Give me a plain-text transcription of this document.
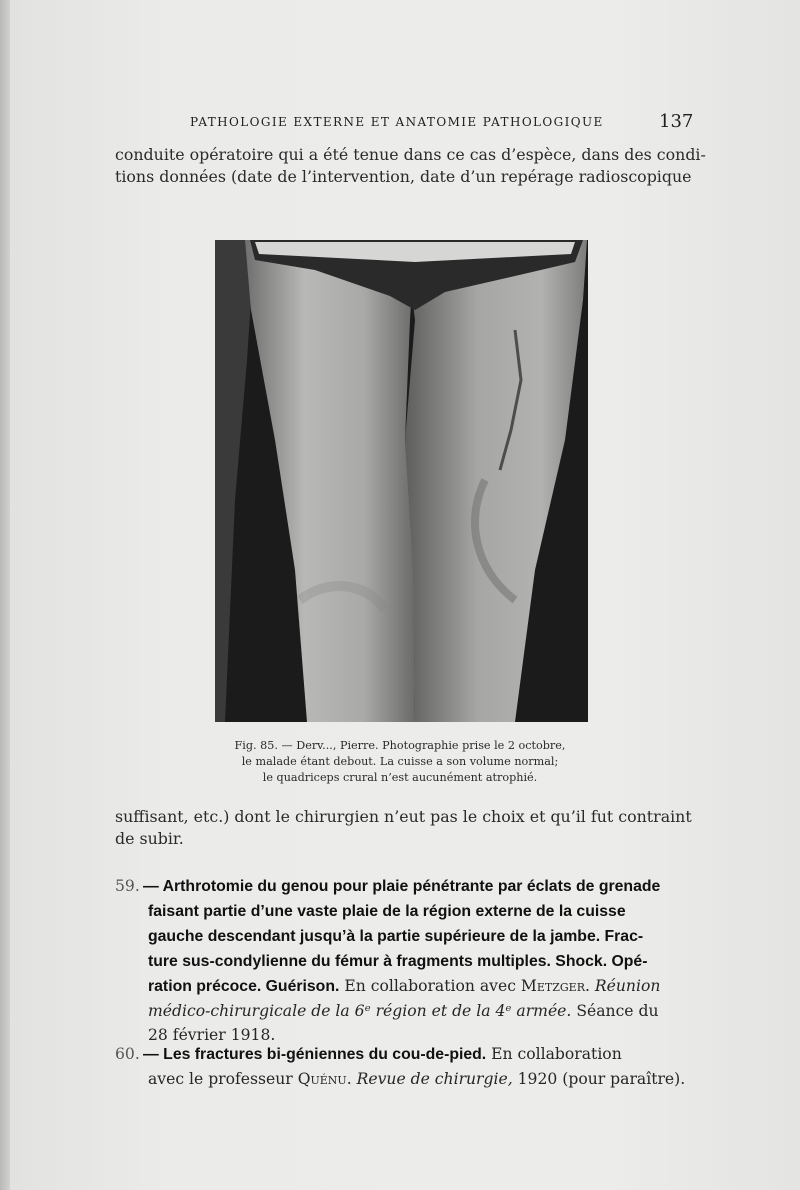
PATHOLOGIE EXTERNE ET ANATOMIE PATHOLOGIQUE	137
conduite opératoire qui a été tenue dans ce cas d’espèce, dans des condi-
tions données (date de l’intervention, date d’un repérage radioscopique
Fig. 85. — Derv..., Pierre. Photographie prise le 2 octobre,
le malade étant debout. La cuisse a son volume normal;
le quadriceps crural n’est aucunément atrophié.
suffisant, etc.) dont le chirurgien n’eut pas le choix et qu’il fut contraint
de subir.
59. — Arthrotomie du genou pour plaie pénétrante par éclats de grenade
faisant partie d’une vaste plaie de la région externe de la cuisse
gauche descendant jusqu’à la partie supérieure de la jambe. Frac-
ture sus-condylienne du fémur à fragments multiples. Shock. Opé-
ration précoce. Guérison. En collaboration avec Metzger. Réunion
médico-chirurgicale de la 6ᵉ région et de la 4ᵉ armée. Séance du
28 février 1918.
60. — Les fractures bi-géniennes du cou-de-pied. En collaboration
avec le professeur Quénu. Revue de chirurgie, 1920 (pour paraître).
